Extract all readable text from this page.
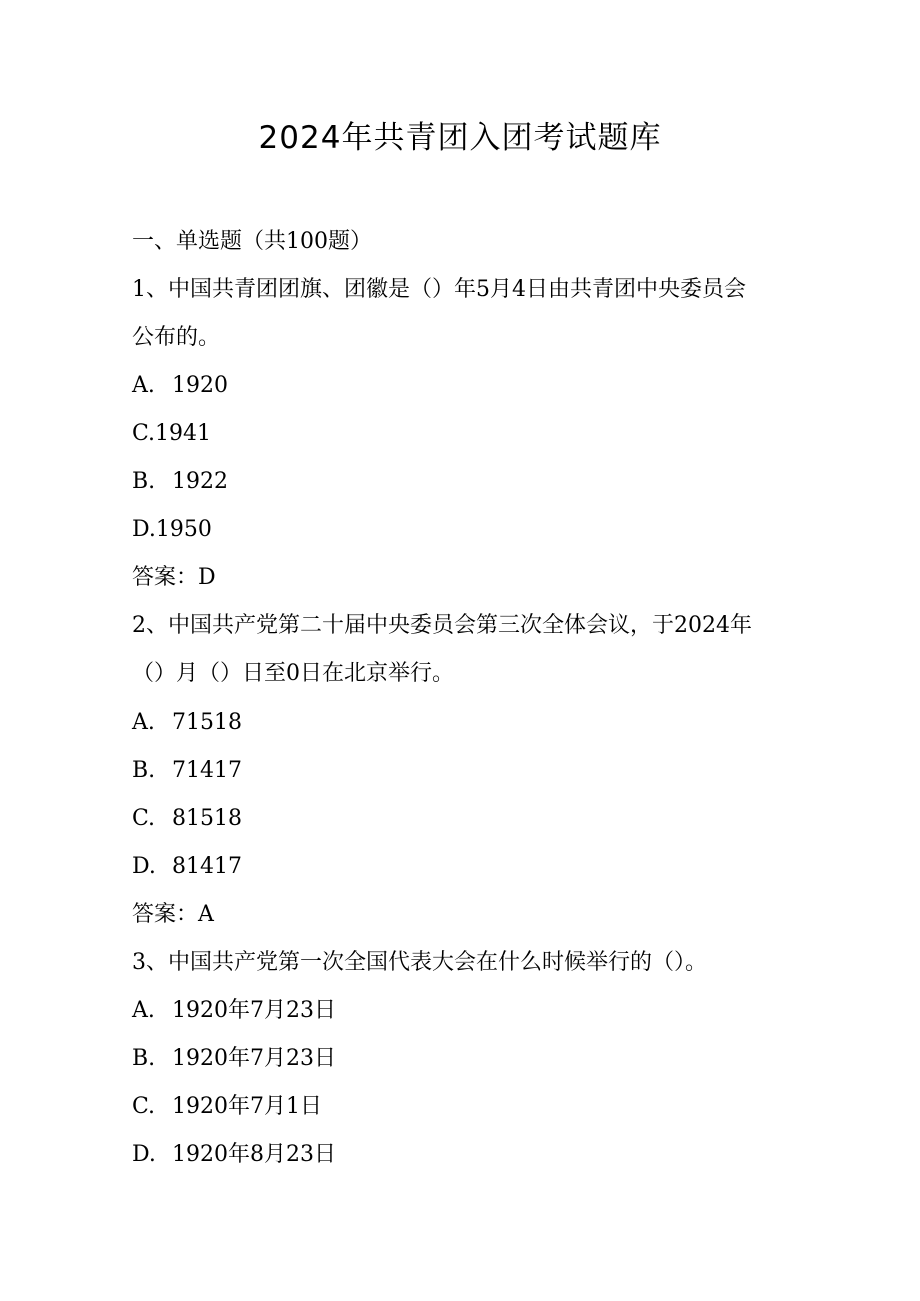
2024年共青团入团考试题库

一、单选题（共100题）

1、中国共青团团旗、团徽是（）年5月4日由共青团中央委员会

公布的。

A. 1920

C.1941

B. 1922

D.1950

答案：D

2、中国共产党第二十届中央委员会第三次全体会议，于2024年

（）月（）日至0日在北京举行。

A. 71518

B. 71417

C. 81518

D. 81417

答案：A

3、中国共产党第一次全国代表大会在什么时候举行的（）。

A. 1920年7月23日

B. 1920年7月23日

C. 1920年7月1日

D. 1920年8月23日
